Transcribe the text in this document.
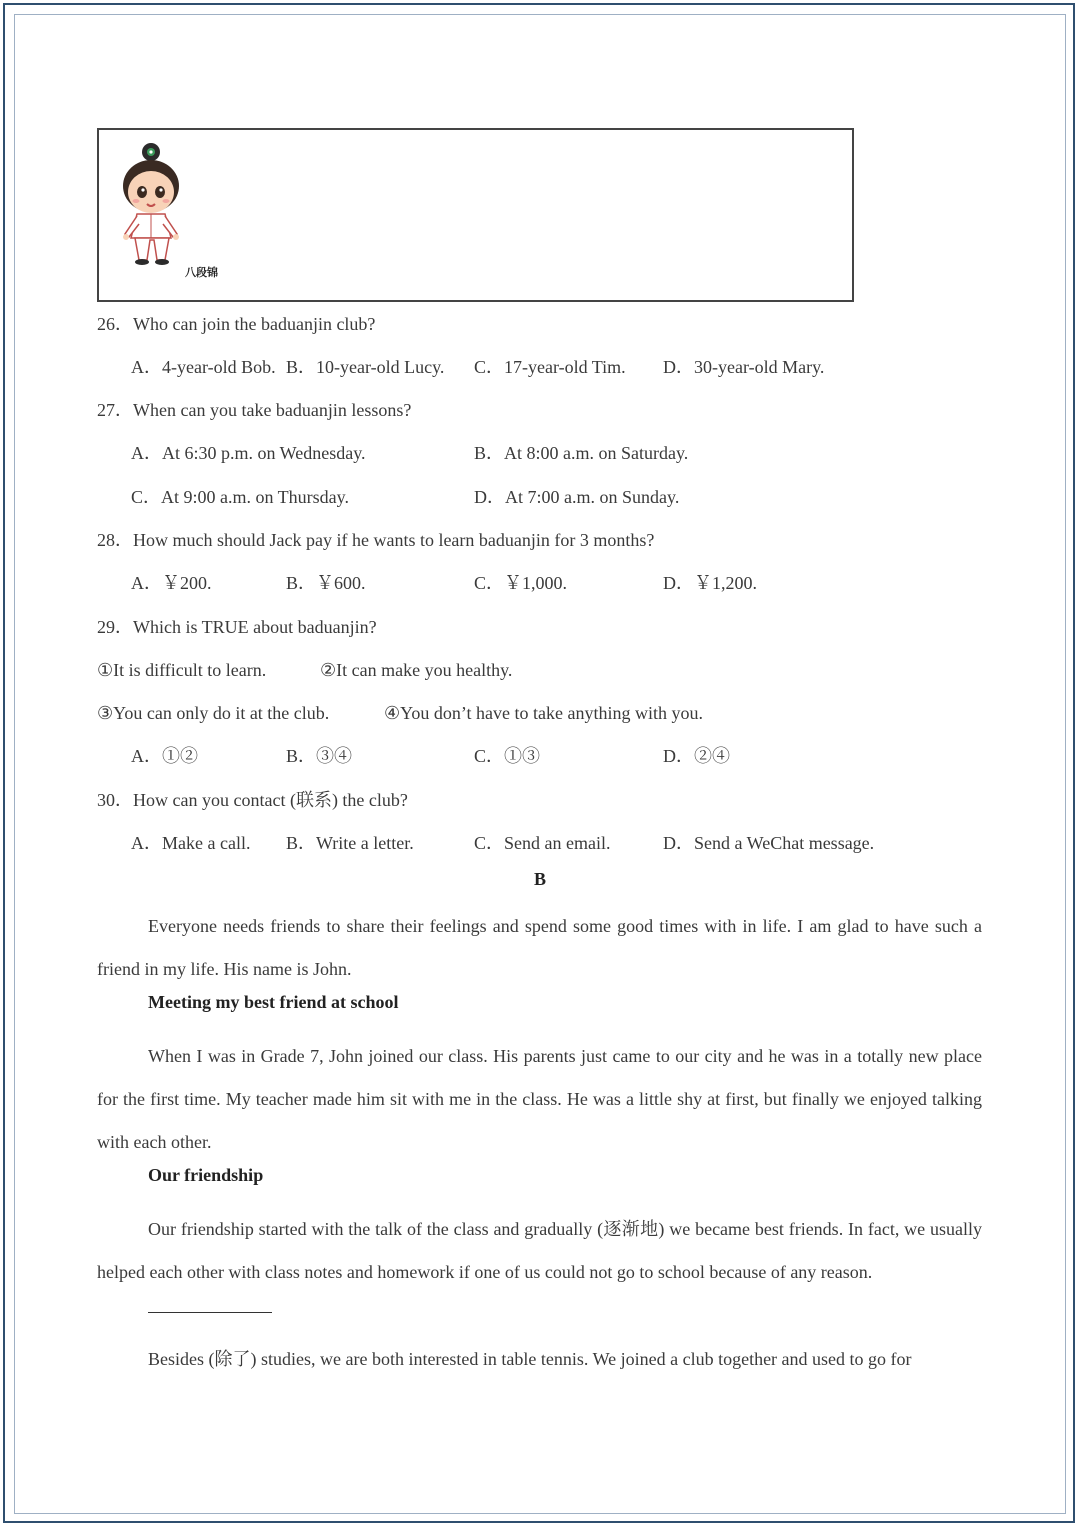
八段锦
26．Who can join the baduanjin club?
A．4-year-old Bob. B．10-year-old Lucy. C．17-year-old Tim. D．30-year-old Mary.
27．When can you take baduanjin lessons?
A．At 6:30 p.m. on Wednesday.	B．At 8:00 a.m. on Saturday.
C．At 9:00 a.m. on Thursday.	D．At 7:00 a.m. on Sunday.
28．How much should Jack pay if he wants to learn baduanjin for 3 months?
A．￥200.	B．￥600.	C．￥1,000.	D．￥1,200.
29．Which is TRUE about baduanjin?
①It is difficult to learn.	②It can make you healthy.
③You can only do it at the club.	④You don’t have to take anything with you.
A．①②	B．③④	C．①③	D．②④
30．How can you contact (联系) the club?
A．Make a call. B．Write a letter.	C．Send an email.	D．Send a WeChat message.
B
Everyone needs friends to share their feelings and spend some good times with in life. I am glad to have such a friend in my life. His name is John.
Meeting my best friend at school
When I was in Grade 7, John joined our class. His parents just came to our city and he was in a totally new place for the first time. My teacher made him sit with me in the class. He was a little shy at first, but finally we enjoyed talking with each other.
Our friendship
Our friendship started with the talk of the class and gradually (逐渐地) we became best friends. In fact, we usually helped each other with class notes and homework if one of us could not go to school because of any reason.
Besides (除了) studies, we are both interested in table tennis. We joined a club together and used to go for
